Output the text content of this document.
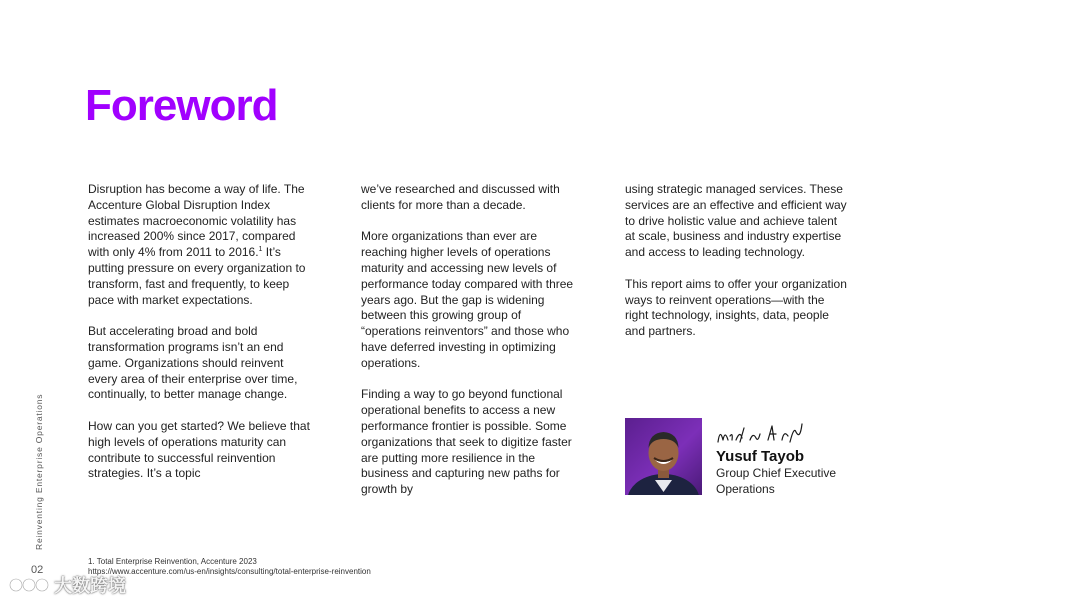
Foreword

Disruption has become a way of life. The Accenture Global Disruption Index estimates macroeconomic volatility has increased 200% since 2017, compared with only 4% from 2011 to 2016.$^1$ It’s putting pressure on every organization to transform, fast and frequently, to keep pace with market expectations.

But accelerating broad and bold transformation programs isn’t an end game. Organizations should reinvent every area of their enterprise over time, continually, to better manage change.

How can you get started? We believe that high levels of operations maturity can contribute to successful reinvention strategies. It’s a topic

we’ve researched and discussed with clients for more than a decade.

More organizations than ever are reaching higher levels of operations maturity and accessing new levels of performance today compared with three years ago. But the gap is widening between this growing group of “operations reinventors” and those who have deferred investing in optimizing operations.

Finding a way to go beyond functional operational benefits to access a new performance frontier is possible. Some organizations that seek to digitize faster are putting more resilience in the business and capturing new paths for growth by

using strategic managed services. These services are an effective and efficient way to drive holistic value and achieve talent at scale, business and industry expertise and access to leading technology.

This report aims to offer your organization ways to reinvent operations—with the right technology, insights, data, people and partners.

Yusuf Tayob
Group Chief Executive
Operations
Reinventing Enterprise Operations
02
1. Total Enterprise Reinvention, Accenture 2023
https://www.accenture.com/us-en/insights/consulting/total-enterprise-reinvention
大数跨境
